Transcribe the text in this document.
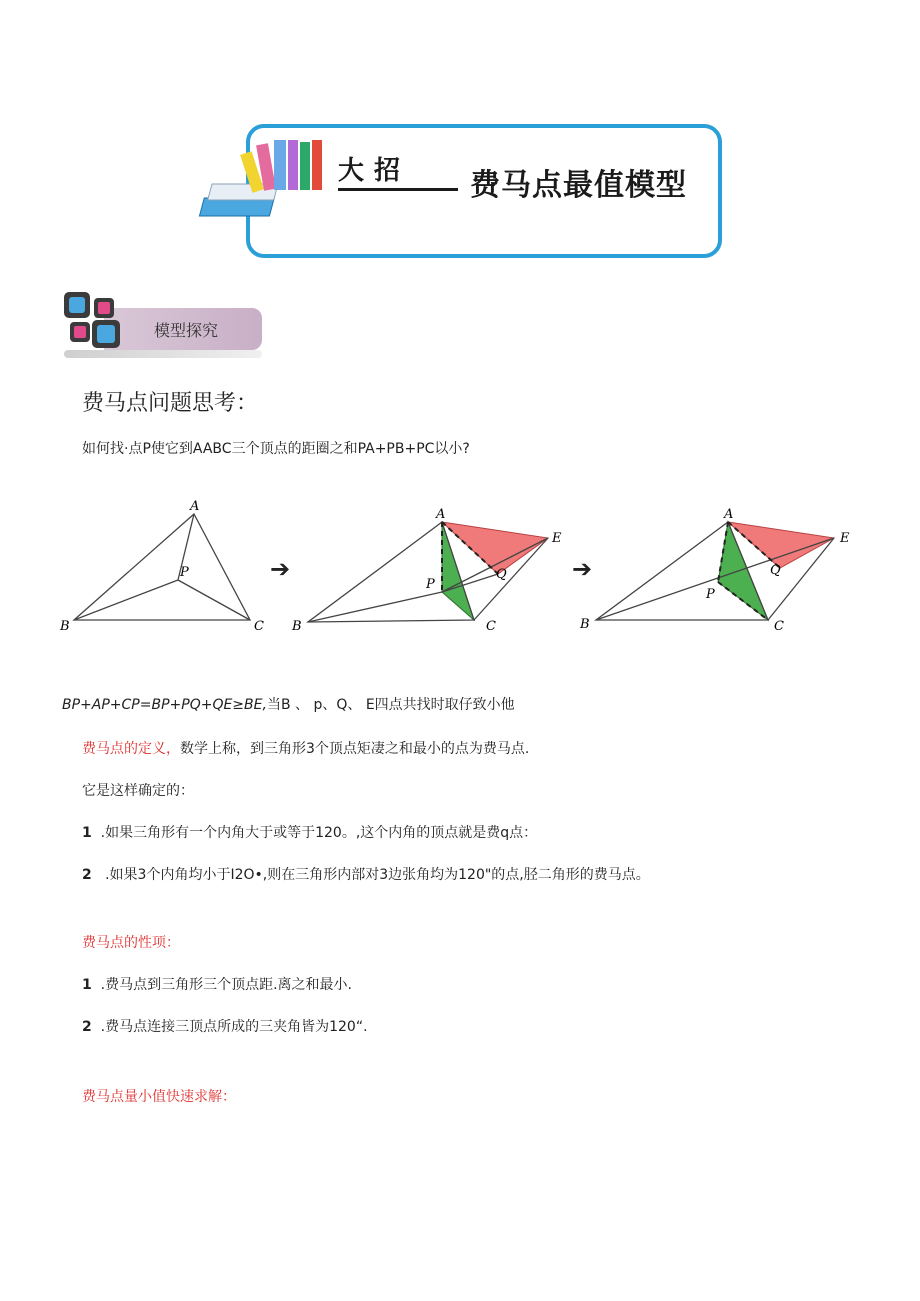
大招 费马点最值模型
模型探究
费马点问题思考：
如何找·点P使它到AABC三个顶点的距圈之和PA+PB+PC以小?
A
B	C
P	➔
A
B	C
P
Q
E
➔
A
B	C
P
Q
E
BP+AP+CP=BP+PQ+QE≥BE,当B 、 p、Q、 E四点共找时取仔致小他
费马点的定义，数学上称，到三角形3个顶点矩凄之和最小的点为费马点.
它是这样确定的：
1 .如果三角形有一个内角大于或等于120。,这个内角的顶点就是费q点：
2 .如果3个内角均小于I2O•,则在三角形内部对3边张角均为120"的点,胫二角形的费马点。
费马点的性项：
1 .费马点到三角形三个顶点距.离之和最小.
2 .费马点连接三顶点所成的三夹角皆为120“.
费马点量小值快速求解：
